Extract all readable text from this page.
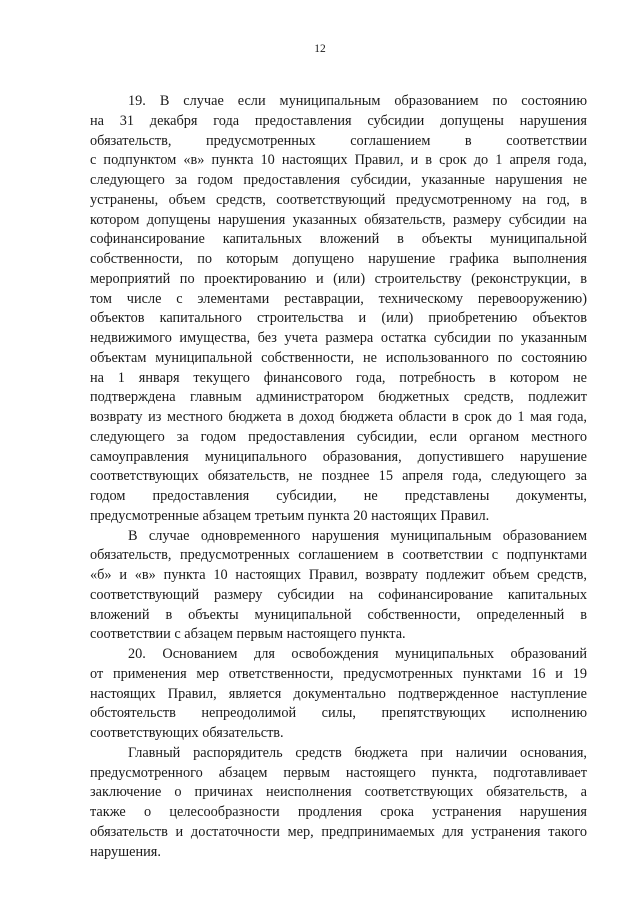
12
19. В случае если муниципальным образованием по состоянию
на 31 декабря года предоставления субсидии допущены нарушения
обязательств, предусмотренных соглашением в соответствии
с подпунктом «в» пункта 10 настоящих Правил, и в срок до 1 апреля года,
следующего за годом предоставления субсидии, указанные нарушения не
устранены, объем средств, соответствующий предусмотренному на год, в
котором допущены нарушения указанных обязательств, размеру субсидии на
софинансирование капитальных вложений в объекты муниципальной
собственности, по которым допущено нарушение графика выполнения
мероприятий по проектированию и (или) строительству (реконструкции, в
том числе с элементами реставрации, техническому перевооружению)
объектов капитального строительства и (или) приобретению объектов
недвижимого имущества, без учета размера остатка субсидии по указанным
объектам муниципальной собственности, не использованного по состоянию
на 1 января текущего финансового года, потребность в котором не
подтверждена главным администратором бюджетных средств, подлежит
возврату из местного бюджета в доход бюджета области в срок до 1 мая года,
следующего за годом предоставления субсидии, если органом местного
самоуправления муниципального образования, допустившего нарушение
соответствующих обязательств, не позднее 15 апреля года, следующего за
годом предоставления субсидии, не представлены документы,
предусмотренные абзацем третьим пункта 20 настоящих Правил.
В случае одновременного нарушения муниципальным образованием
обязательств, предусмотренных соглашением в соответствии с подпунктами
«б» и «в» пункта 10 настоящих Правил, возврату подлежит объем средств,
соответствующий размеру субсидии на софинансирование капитальных
вложений в объекты муниципальной собственности, определенный в
соответствии с абзацем первым настоящего пункта.
20. Основанием для освобождения муниципальных образований
от применения мер ответственности, предусмотренных пунктами 16 и 19
настоящих Правил, является документально подтвержденное наступление
обстоятельств непреодолимой силы, препятствующих исполнению
соответствующих обязательств.
Главный распорядитель средств бюджета при наличии основания,
предусмотренного абзацем первым настоящего пункта, подготавливает
заключение о причинах неисполнения соответствующих обязательств, а
также о целесообразности продления срока устранения нарушения
обязательств и достаточности мер, предпринимаемых для устранения такого
нарушения.
